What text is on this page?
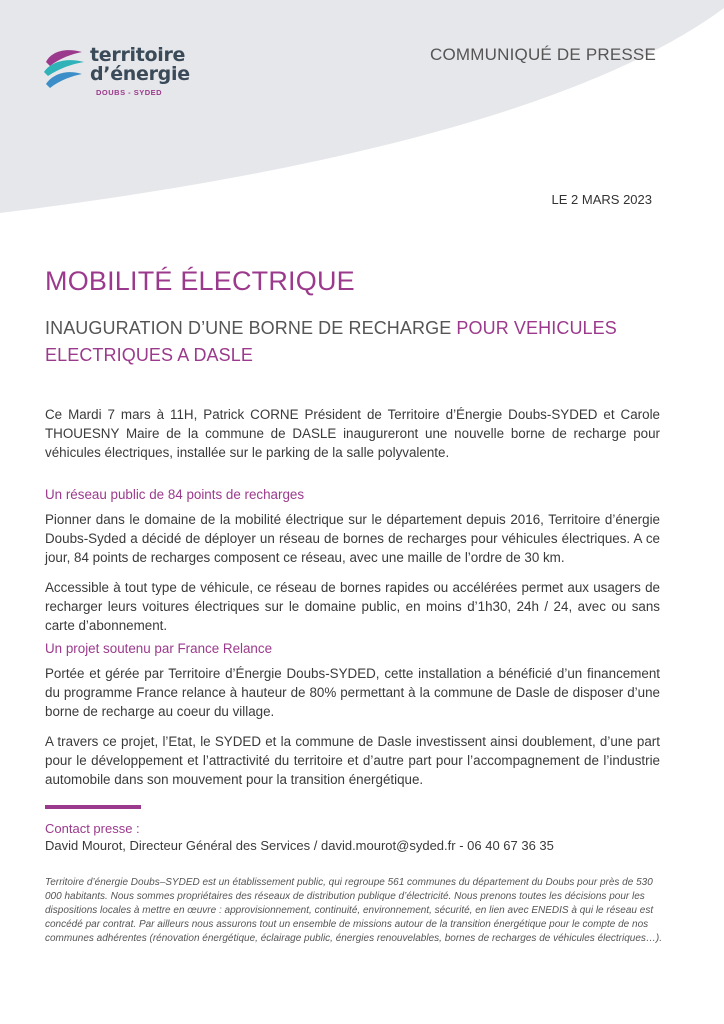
territoire
d’énergie
DOUBS - SYDED
COMMUNIQUÉ DE PRESSE
LE 2 MARS 2023
MOBILITÉ ÉLECTRIQUE
INAUGURATION D’UNE BORNE DE RECHARGE POUR VEHICULES ELECTRIQUES A DASLE

Ce Mardi 7 mars à 11H, Patrick CORNE Président de Territoire d’Énergie Doubs-SYDED et Carole THOUESNY Maire de la commune de DASLE inaugureront une nouvelle borne de recharge pour véhicules électriques, installée sur le parking de la salle polyvalente.

Un réseau public de 84 points de recharges

Pionner dans le domaine de la mobilité électrique sur le département depuis 2016, Territoire d’énergie Doubs-Syded a décidé de déployer un réseau de bornes de recharges pour véhicules électriques. A ce jour, 84 points de recharges composent ce réseau, avec une maille de l’ordre de 30 km.

Accessible à tout type de véhicule, ce réseau de bornes rapides ou accélérées permet aux usagers de recharger leurs voitures électriques sur le domaine public, en moins d’1h30, 24h / 24, avec ou sans carte d’abonnement.

Un projet soutenu par France Relance

Portée et gérée par Territoire d’Énergie Doubs-SYDED, cette installation a bénéficié d’un financement du programme France relance à hauteur de 80% permettant à la commune de Dasle de disposer d’une borne de recharge au coeur du village.

A travers ce projet, l’Etat, le SYDED et la commune de Dasle investissent ainsi doublement, d’une part pour le développement et l’attractivité du territoire et d’autre part pour l’accompagnement de l’industrie automobile dans son mouvement pour la transition énergétique.

Contact presse :
David Mourot, Directeur Général des Services / david.mourot@syded.fr - 06 40 67 36 35
Territoire d’énergie Doubs–SYDED est un établissement public, qui regroupe 561 communes du département du Doubs pour près de 530 000 habitants. Nous sommes propriétaires des réseaux de distribution publique d’électricité. Nous prenons toutes les décisions pour les dispositions locales à mettre en œuvre : approvisionnement, continuité, environnement, sécurité, en lien avec ENEDIS à qui le réseau est concédé par contrat. Par ailleurs nous assurons tout un ensemble de missions autour de la transition énergétique pour le compte de nos communes adhérentes (rénovation énergétique, éclairage public, énergies renouvelables, bornes de recharges de véhicules électriques…).
